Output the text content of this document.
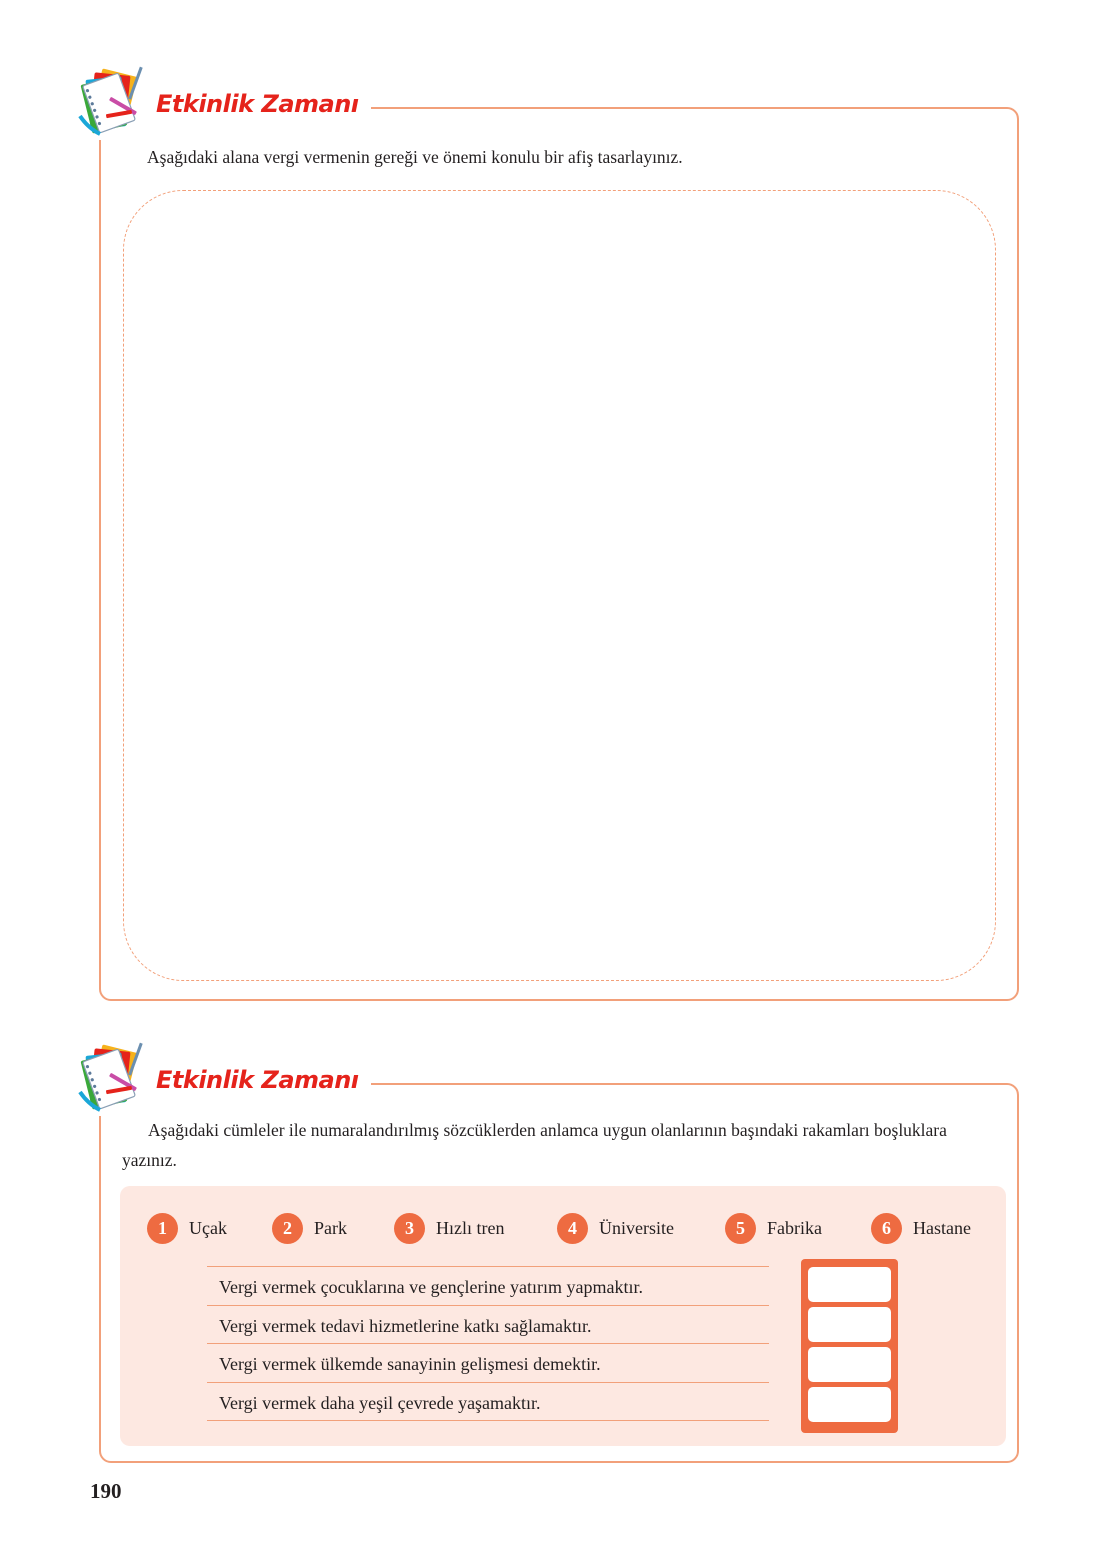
Etkinlik Zamanı
Aşağıdaki alana vergi vermenin gereği ve önemi konulu bir afiş tasarlayınız.
Etkinlik Zamanı
Aşağıdaki cümleler ile numaralandırılmış sözcüklerden anlamca uygun olanlarının başındaki rakamları boşluklara yazınız.
1	Uçak	2	Park	3	Hızlı tren	4	Üniversite	5	Fabrika	6	Hastane
Vergi vermek çocuklarına ve gençlerine yatırım yapmaktır.
Vergi vermek tedavi hizmetlerine katkı sağlamaktır.
Vergi vermek ülkemde sanayinin gelişmesi demektir.
Vergi vermek daha yeşil çevrede yaşamaktır.
190
